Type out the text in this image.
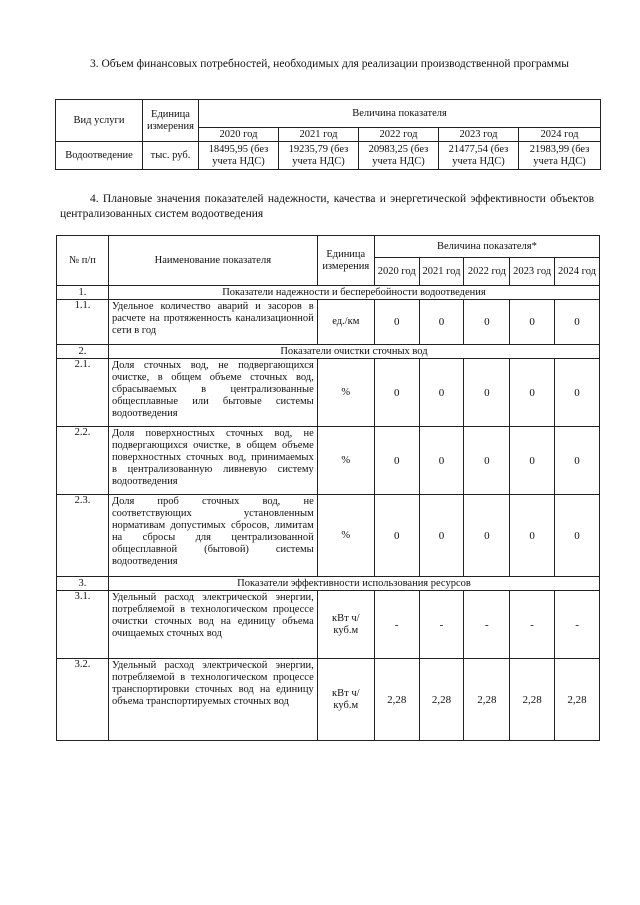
3. Объем финансовых потребностей, необходимых для реализации производственной программы

Вид услуги	Единица измерения	Величина показателя				
		2020 год	2021 год	2022 год	2023 год	2024 год
Водоотведение	тыс. руб.	18495,95 (без учета НДС)	19235,79 (без учета НДС)	20983,25 (без учета НДС)	21477,54 (без учета НДС)	21983,99 (без учета НДС)

4. Плановые значения показателей надежности, качества и энергетической эффективности объектов централизованных систем водоотведения

№ п/п	Наименование показателя	Единица измерения	Величина показателя*				
			2020 год	2021 год	2022 год	2023 год	2024 год
1.	Показатели надежности и бесперебойности водоотведения						
1.1.	Удельное количество аварий и засоров в расчете на протяженность канализационной сети в год	ед./км	0	0	0	0	0
2.	Показатели очистки сточных вод						
2.1.	Доля сточных вод, не подвергающихся очистке, в общем объеме сточных вод, сбрасываемых в централизованные общесплавные или бытовые системы водоотведения	%	0	0	0	0	0
2.2.	Доля поверхностных сточных вод, не подвергающихся очистке, в общем объеме поверхностных сточных вод, принимаемых в централизованную ливневую систему водоотведения	%	0	0	0	0	0
2.3.	Доля проб сточных вод, не соответствующих установленным нормативам допустимых сбросов, лимитам на сбросы для централизованной общесплавной (бытовой) системы водоотведения	%	0	0	0	0	0
3.	Показатели эффективности использования ресурсов						
3.1.	Удельный расход электрической энергии, потребляемой в технологическом процессе очистки сточных вод на единицу объема очищаемых сточных вод	кВт ч/куб.м	-	-	-	-	-
3.2.	Удельный расход электрической энергии, потребляемой в технологическом процессе транспортировки сточных вод на единицу объема транспортируемых сточных вод	кВт ч/куб.м	2,28	2,28	2,28	2,28	2,28
